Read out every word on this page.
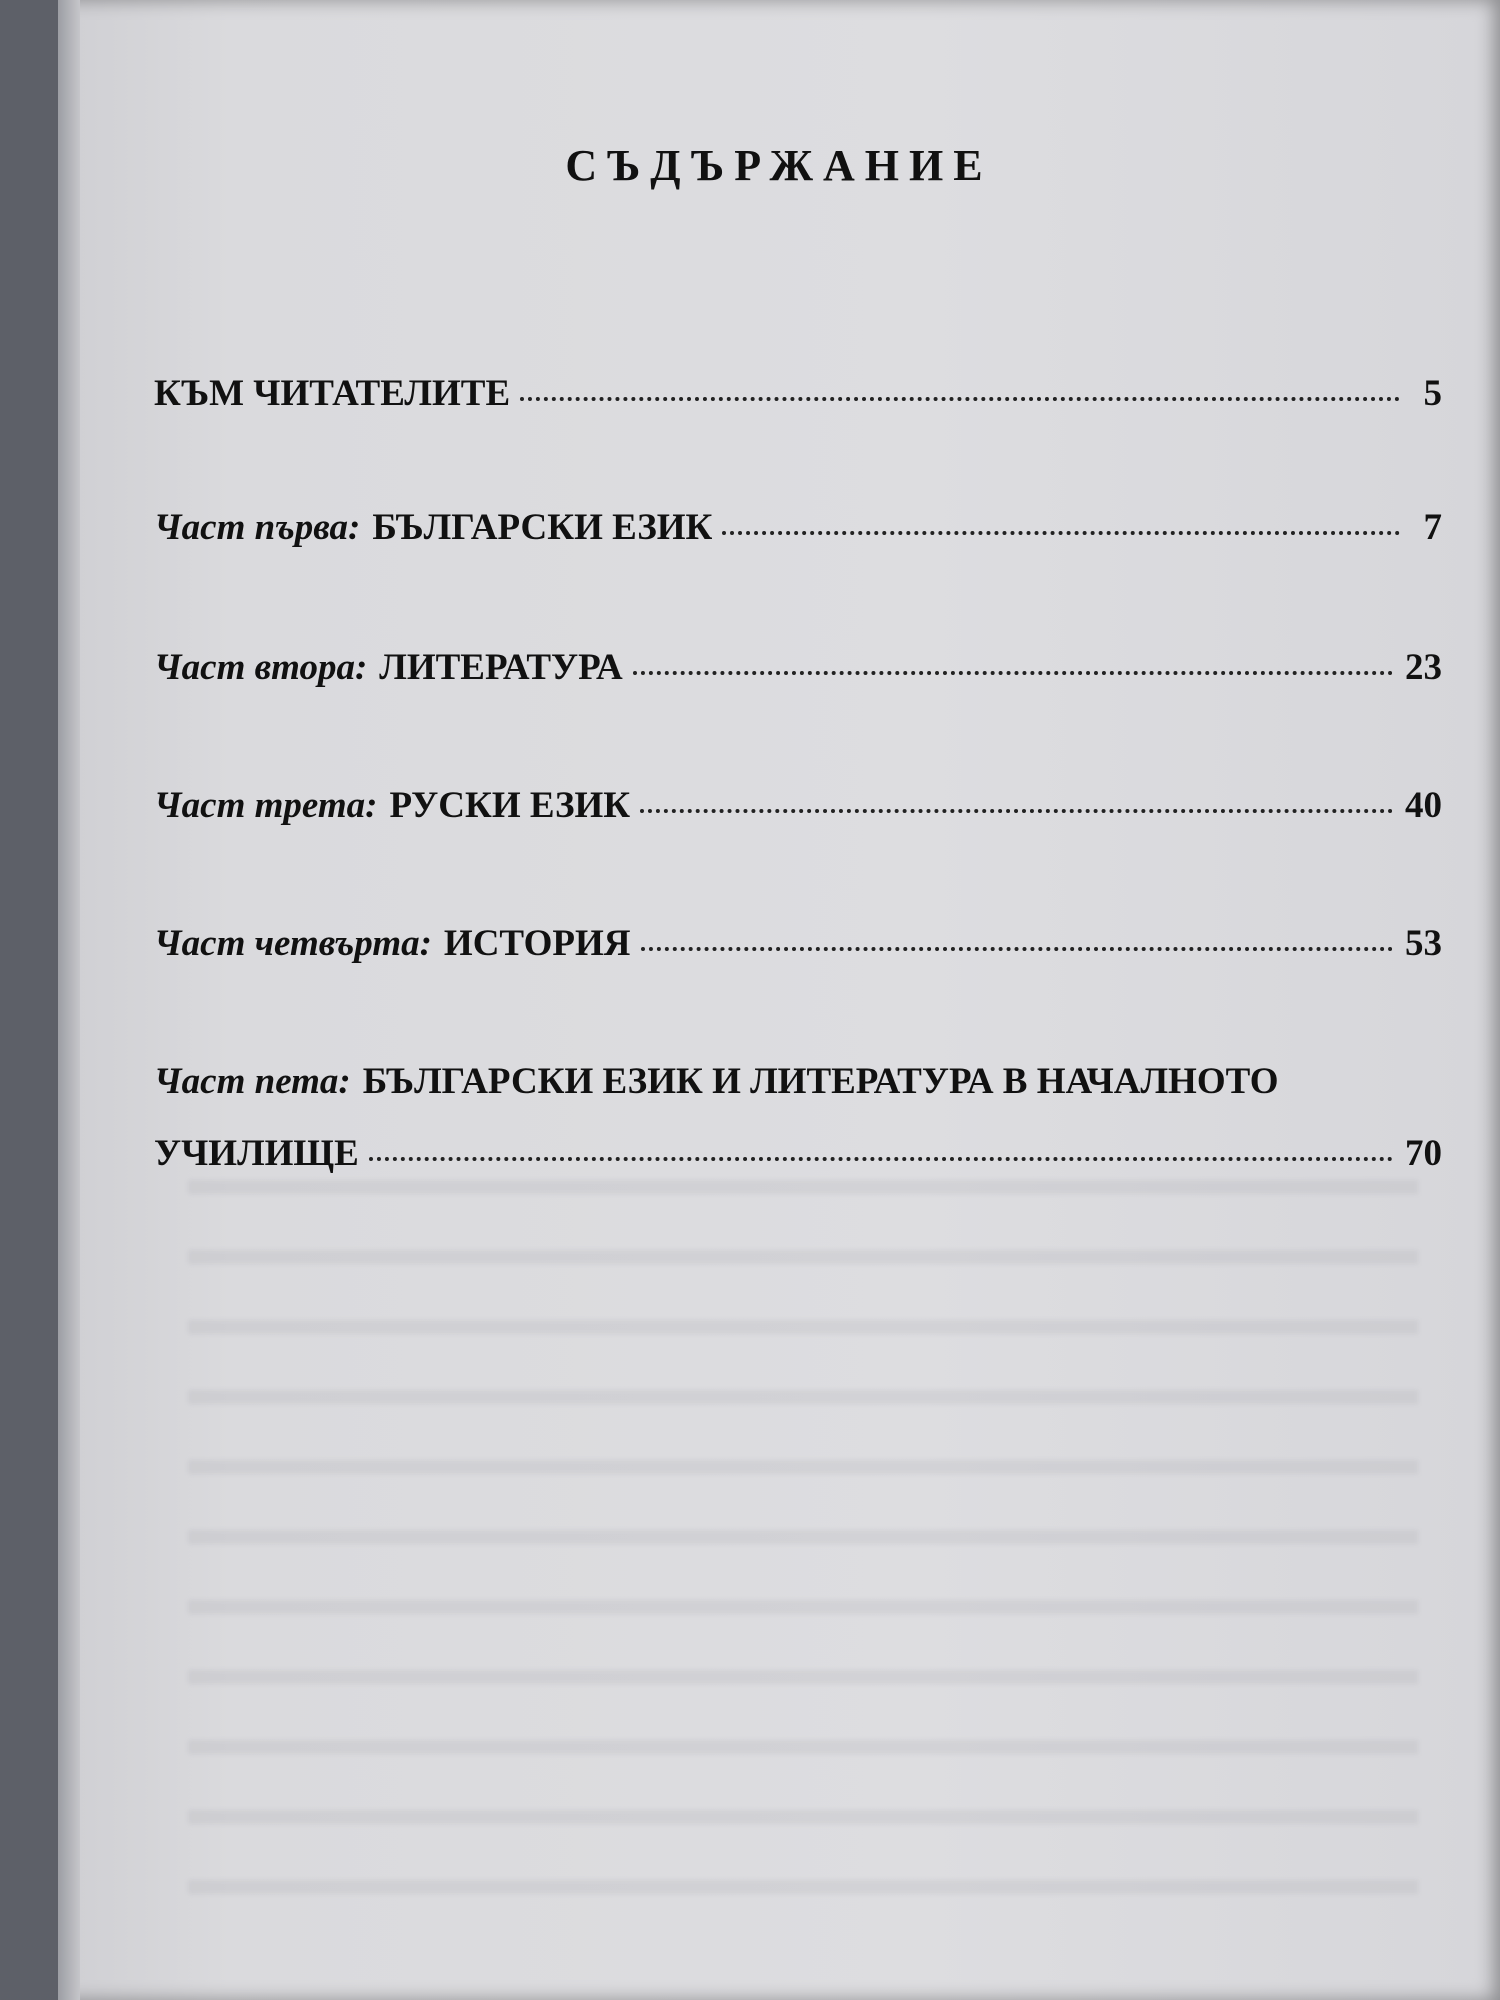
СЪДЪРЖАНИЕ
КЪМ ЧИТАТЕЛИТЕ	5
Част първа: БЪЛГАРСКИ ЕЗИК	7
Част втора: ЛИТЕРАТУРА	23
Част трета: РУСКИ ЕЗИК	40
Част четвърта: ИСТОРИЯ	53
Част пета: БЪЛГАРСКИ ЕЗИК И ЛИТЕРАТУРА В НАЧАЛНОТО
УЧИЛИЩЕ	70
